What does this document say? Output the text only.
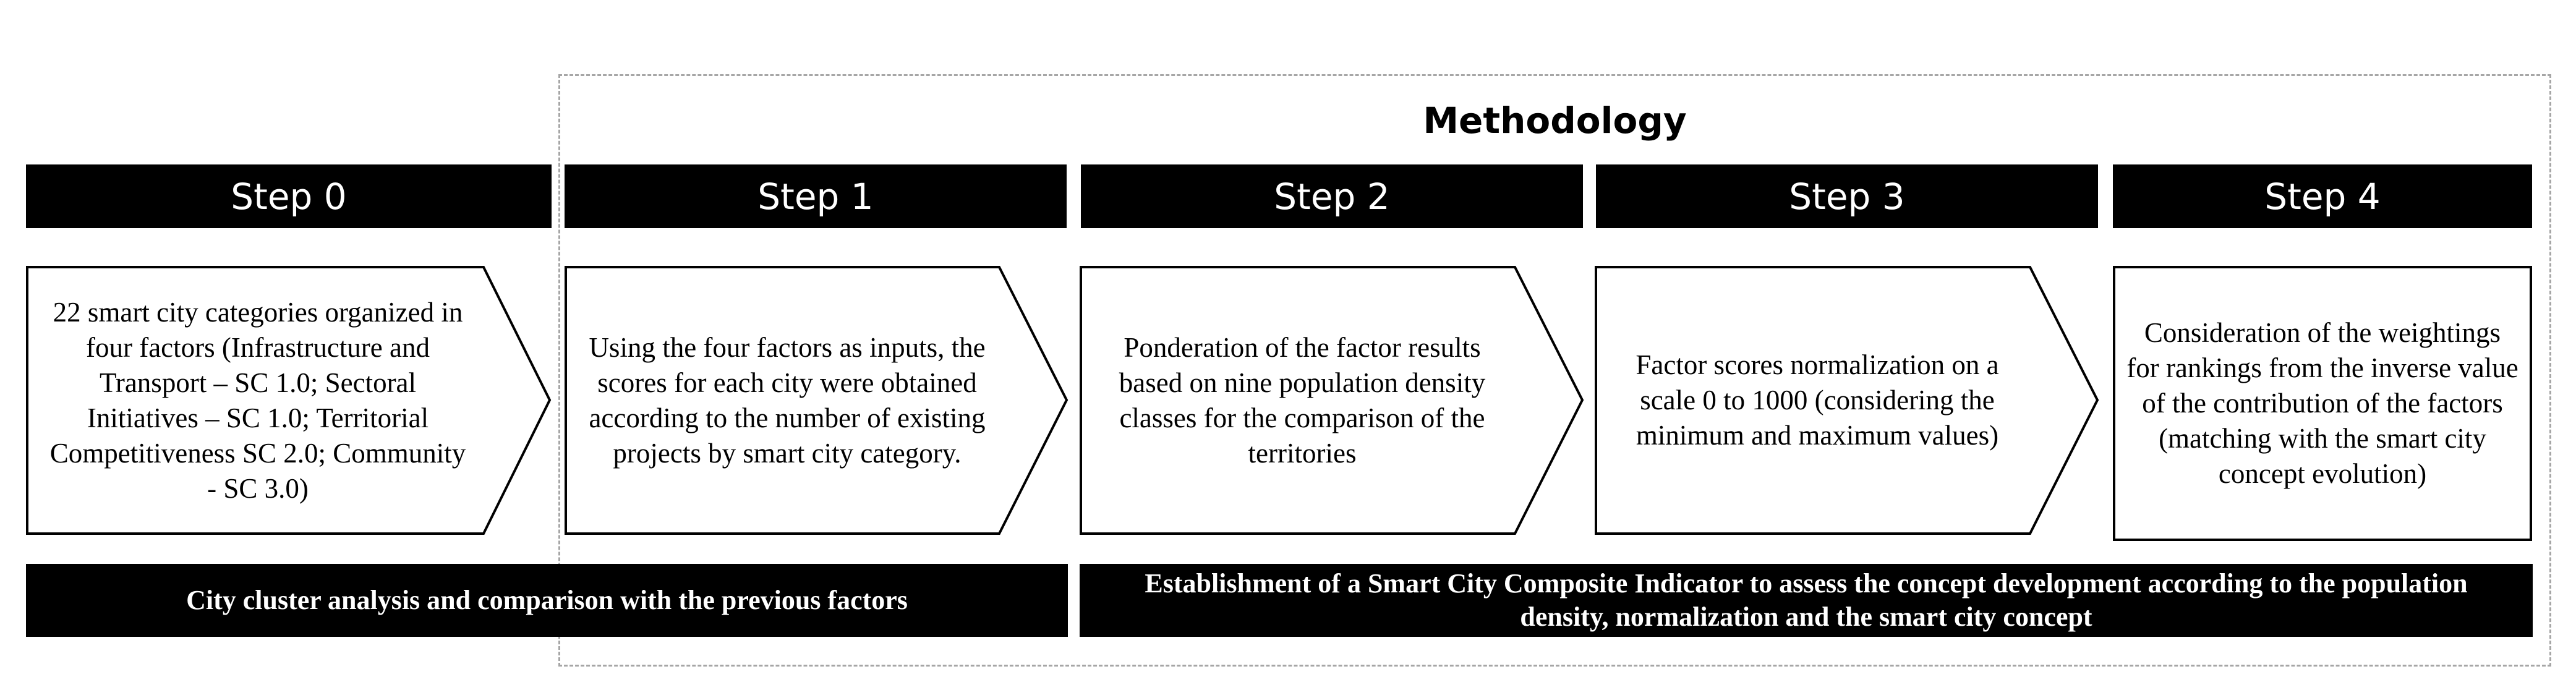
Methodology
Step 0	Step 1	Step 2	Step 3	Step 4
22 smart city categories organized in four factors (Infrastructure and Transport – SC 1.0; Sectoral Initiatives – SC 1.0; Territorial Competitiveness SC 2.0; Community - SC 3.0)
Using the four factors as inputs, the scores for each city were obtained according to the number of existing projects by smart city category.
Ponderation of the factor results based on nine population density classes for the comparison of the territories
Factor scores normalization on a scale 0 to 1000 (considering the minimum and maximum values)
Consideration of the weightings for rankings from the inverse value of the contribution of the factors (matching with the smart city concept evolution)
City cluster analysis and comparison with the previous factors
Establishment of a Smart City Composite Indicator to assess the concept development according to the population density, normalization and the smart city concept
